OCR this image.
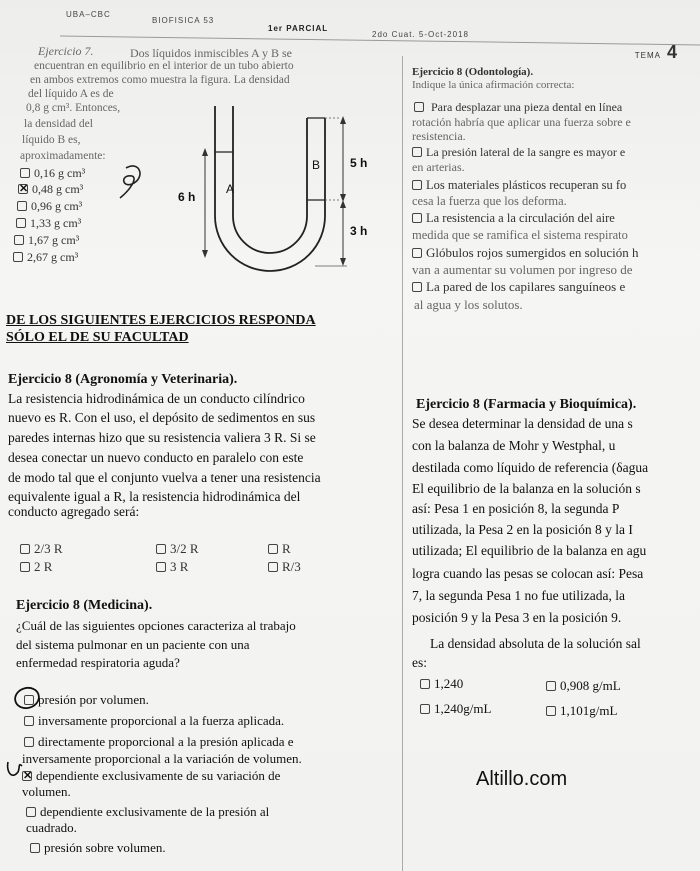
UBA–CBC
BIOFISICA 53
1er PARCIAL
2do Cuat. 5-Oct-2018
TEMA 4
Ejercicio 7.	Dos líquidos inmiscibles A y B se
encuentran en equilibrio en el interior de un tubo abierto
en ambos extremos como muestra la figura. La densidad
del líquido A es de
0,8 g cm³. Entonces,
la densidad del
líquido B es,
aproximadamente:
0,16 g cm³
✕0,48 g cm³
0,96 g cm³
1,33 g cm³
1,67 g cm³
2,67 g cm³
A
B 5 h
6 h
3 h
Ejercicio 8 (Odontología).
Indique la única afirmación correcta:
Para desplazar una pieza dental en línea
rotación habría que aplicar una fuerza sobre e
resistencia.
La presión lateral de la sangre es mayor e
en arterias.
Los materiales plásticos recuperan su fo
cesa la fuerza que los deforma.
La resistencia a la circulación del aire
medida que se ramifica el sistema respirato
Glóbulos rojos sumergidos en solución h
van a aumentar su volumen por ingreso de
La pared de los capilares sanguíneos e
al agua y los solutos.
DE LOS SIGUIENTES EJERCICIOS RESPONDA
SÓLO EL DE SU FACULTAD
Ejercicio 8 (Agronomía y Veterinaria).
La resistencia hidrodinámica de un conducto cilíndrico
nuevo es R. Con el uso, el depósito de sedimentos en sus
paredes internas hizo que su resistencia valiera 3 R. Si se
desea conectar un nuevo conducto en paralelo con este
de modo tal que el conjunto vuelva a tener una resistencia
equivalente igual a R, la resistencia hidrodinámica del
conducto agregado será:
2/3 R	3/2 R	R
2 R	3 R	R/3
Ejercicio 8 (Medicina).
¿Cuál de las siguientes opciones caracteriza al trabajo
del sistema pulmonar en un paciente con una
enfermedad respiratoria aguda?
presión por volumen.
inversamente proporcional a la fuerza aplicada.
directamente proporcional a la presión aplicada e
inversamente proporcional a la variación de volumen.
✕dependiente exclusivamente de su variación de
volumen.
dependiente exclusivamente de la presión al
cuadrado.
presión sobre volumen.
Ejercicio 8 (Farmacia y Bioquímica).
Se desea determinar la densidad de una s
con la balanza de Mohr y Westphal, u
destilada como líquido de referencia (δagua
El equilibrio de la balanza en la solución s
así: Pesa 1 en posición 8, la segunda P
utilizada, la Pesa 2 en la posición 8 y la I
utilizada; El equilibrio de la balanza en agu
logra cuando las pesas se colocan así: Pesa
7, la segunda Pesa 1 no fue utilizada, la
posición 9 y la Pesa 3 en la posición 9.
La densidad absoluta de la solución sal
es:
1,240	0,908 g/mL
1,240g/mL	1,101g/mL
Altillo.com
